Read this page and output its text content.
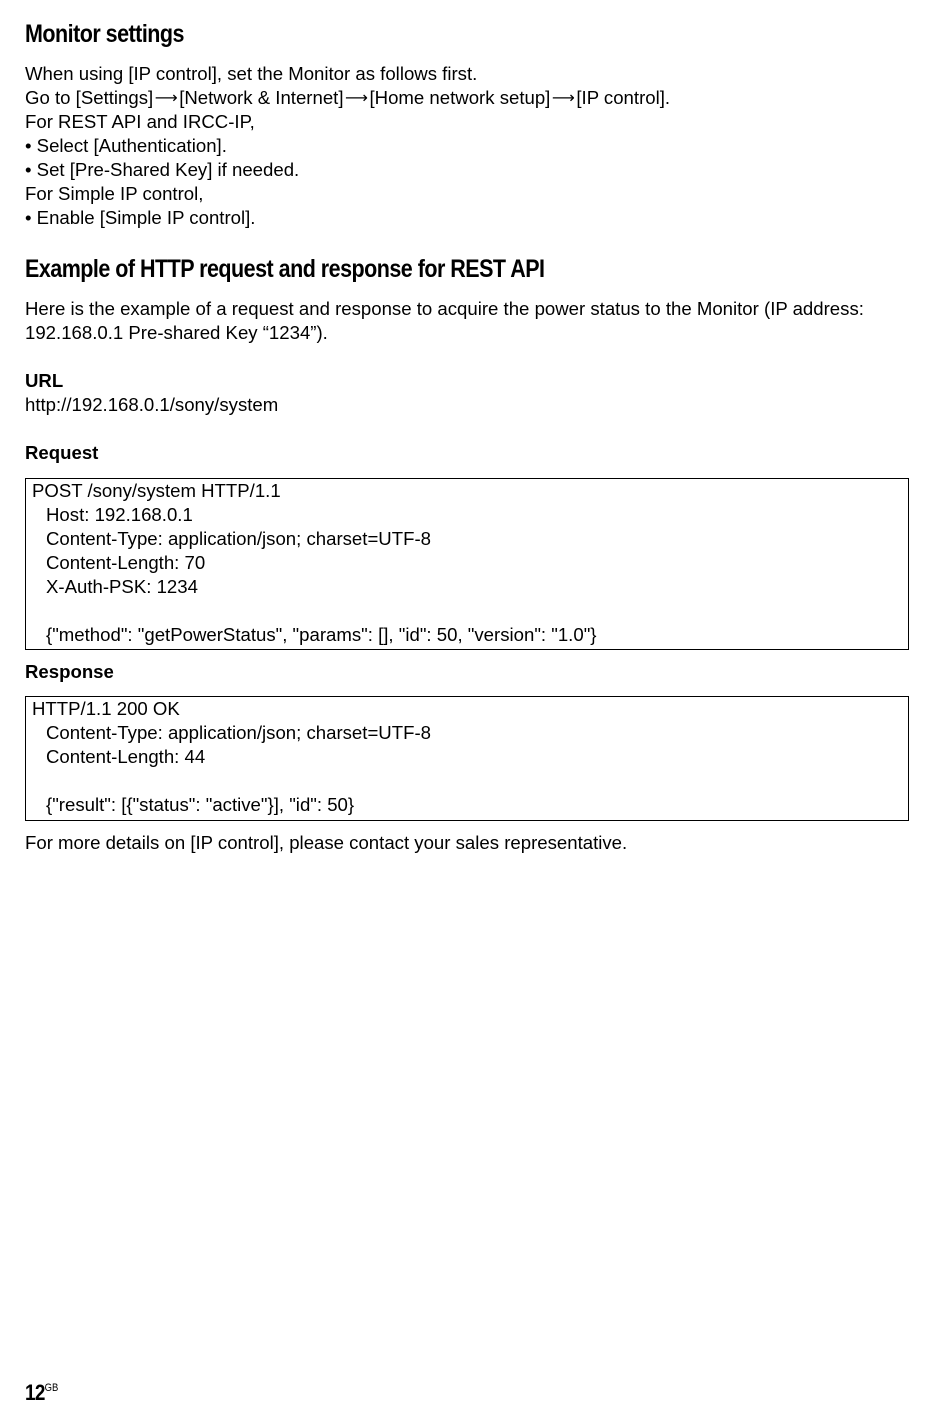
Monitor settings
When using [IP control], set the Monitor as follows first.
Go to [Settings]⟶[Network & Internet]⟶[Home network setup]⟶[IP control].
For REST API and IRCC-IP,
• Select [Authentication].
• Set [Pre-Shared Key] if needed.
For Simple IP control,
• Enable [Simple IP control].
Example of HTTP request and response for REST API
Here is the example of a request and response to acquire the power status to the Monitor (IP address:
192.168.0.1 Pre-shared Key “1234”).
URL
http://192.168.0.1/sony/system
Request
POST /sony/system HTTP/1.1
Host: 192.168.0.1
Content-Type: application/json; charset=UTF-8
Content-Length: 70
X-Auth-PSK: 1234
{"method": "getPowerStatus", "params": [], "id": 50, "version": "1.0"}
Response
HTTP/1.1 200 OK
Content-Type: application/json; charset=UTF-8
Content-Length: 44
{"result": [{"status": "active"}], "id": 50}
For more details on [IP control], please contact your sales representative.
$12^{GB}$
